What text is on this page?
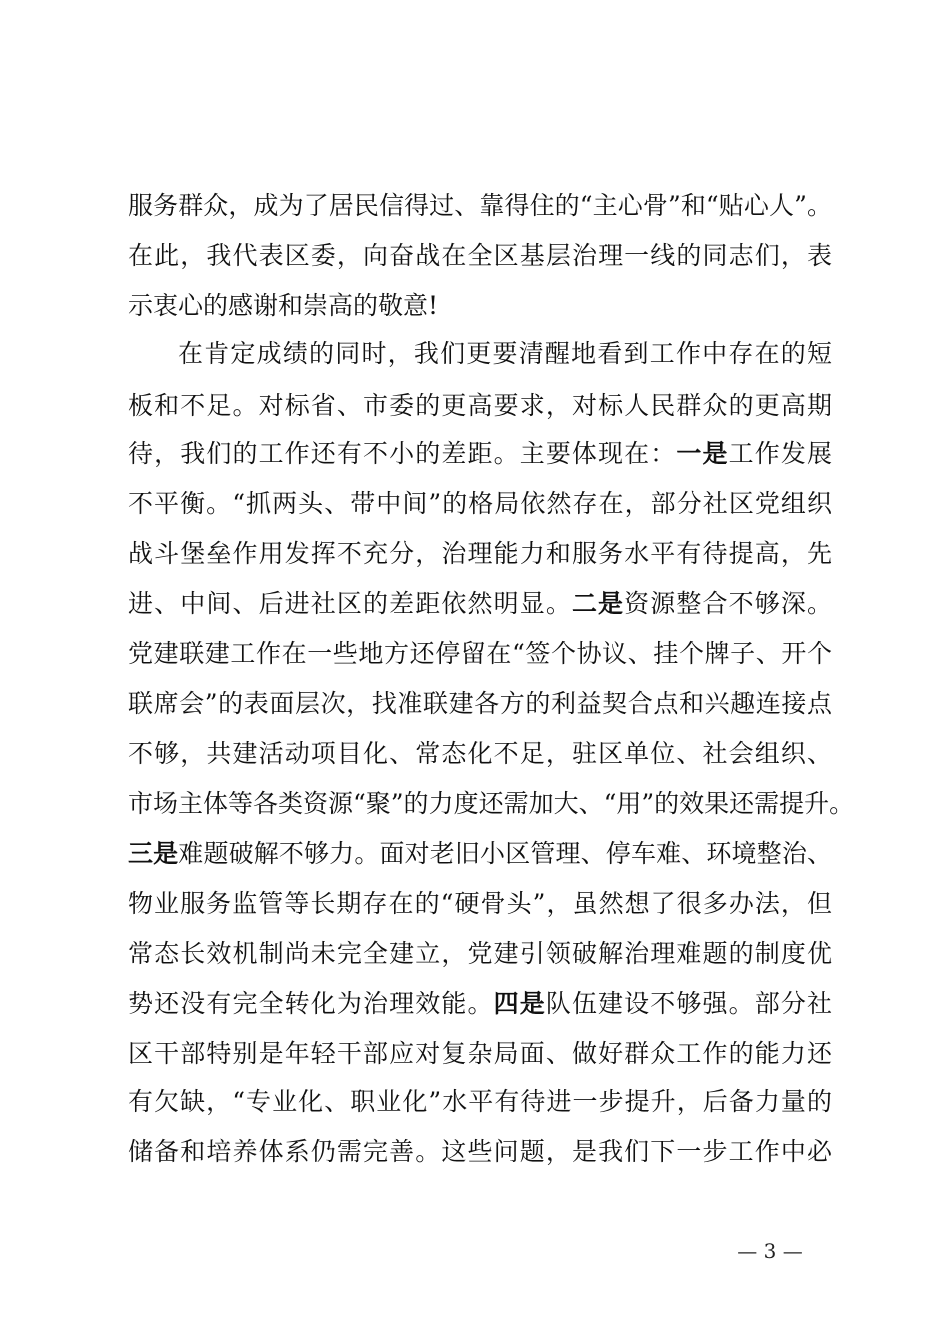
服务群众，成为了居民信得过、靠得住的“主心骨”和“贴心人”。
在此，我代表区委，向奋战在全区基层治理一线的同志们，表
示衷心的感谢和崇高的敬意!
在肯定成绩的同时，我们更要清醒地看到工作中存在的短
板和不足。对标省、市委的更高要求，对标人民群众的更高期
待，我们的工作还有不小的差距。主要体现在：一是工作发展
不平衡。“抓两头、带中间”的格局依然存在，部分社区党组织
战斗堡垒作用发挥不充分，治理能力和服务水平有待提高，先
进、中间、后进社区的差距依然明显。二是资源整合不够深。
党建联建工作在一些地方还停留在“签个协议、挂个牌子、开个
联席会”的表面层次，找准联建各方的利益契合点和兴趣连接点
不够，共建活动项目化、常态化不足，驻区单位、社会组织、
市场主体等各类资源“聚”的力度还需加大、“用”的效果还需提升。
三是难题破解不够力。面对老旧小区管理、停车难、环境整治、
物业服务监管等长期存在的“硬骨头”，虽然想了很多办法，但
常态长效机制尚未完全建立，党建引领破解治理难题的制度优
势还没有完全转化为治理效能。四是队伍建设不够强。部分社
区干部特别是年轻干部应对复杂局面、做好群众工作的能力还
有欠缺，“专业化、职业化”水平有待进一步提升，后备力量的
储备和培养体系仍需完善。这些问题，是我们下一步工作中必
— 3 —
